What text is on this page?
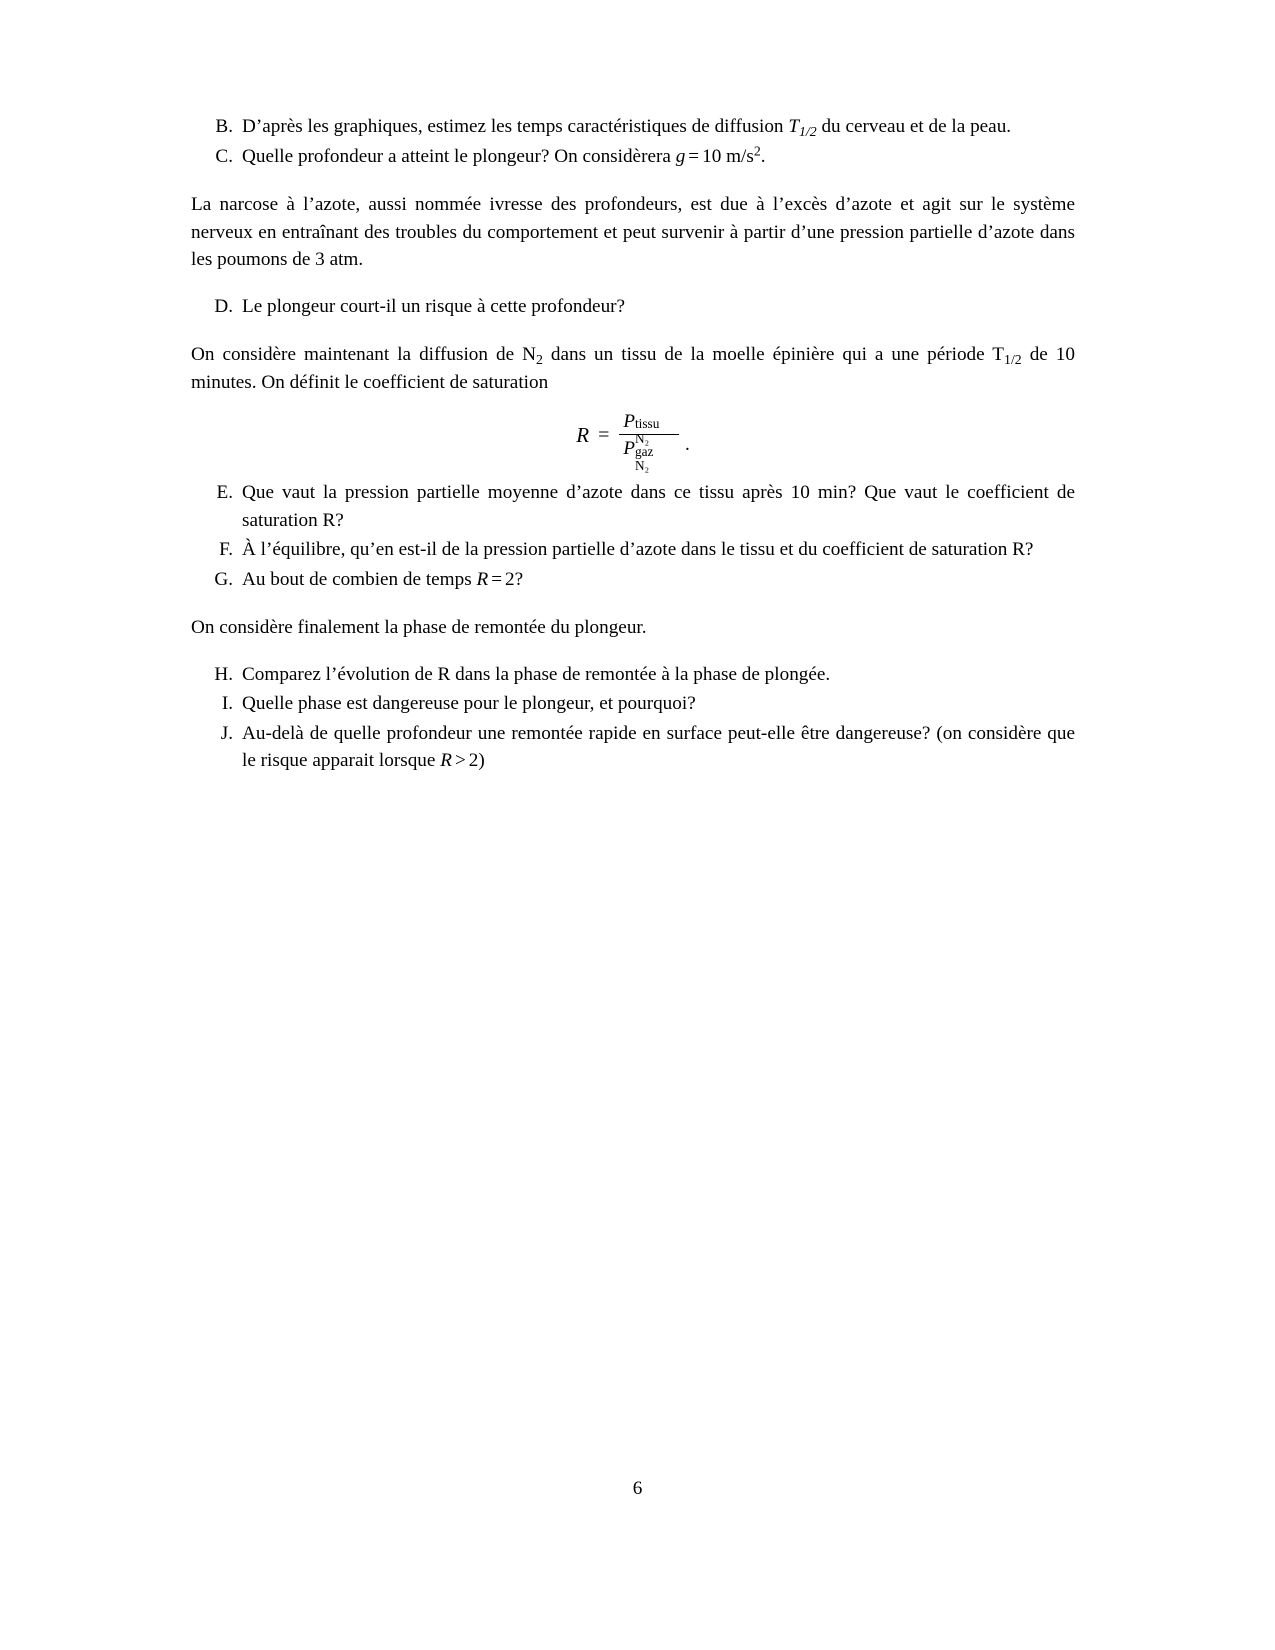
B. D’après les graphiques, estimez les temps caractéristiques de diffusion $T_{1/2}$ du cerveau et de la peau.
C. Quelle profondeur a atteint le plongeur? On considèrera g = 10 $m/s^2$.

La narcose à l’azote, aussi nommée ivresse des profondeurs, est due à l’excès d’azote et agit sur le système nerveux en entraînant des troubles du comportement et peut survenir à partir d’une pression partielle d’azote dans les poumons de 3 atm.

D. Le plongeur court-il un risque à cette profondeur?

On considère maintenant la diffusion de $N_2$ dans un tissu de la moelle épinière qui a une période $T_{1/2}$ de 10 minutes. On définit le coefficient de saturation

R = P tissu
N₂
P gaz
N₂ .
E. Que vaut la pression partielle moyenne d’azote dans ce tissu après 10 min? Que vaut le coefficient de saturation R?
F. À l’équilibre, qu’en est-il de la pression partielle d’azote dans le tissu et du coefficient de saturation R?
G. Au bout de combien de temps R = 2?

On considère finalement la phase de remontée du plongeur.

H. Comparez l’évolution de R dans la phase de remontée à la phase de plongée.
I. Quelle phase est dangereuse pour le plongeur, et pourquoi?
J. Au-delà de quelle profondeur une remontée rapide en surface peut-elle être dangereuse? (on considère que le risque apparait lorsque R > 2)
6
